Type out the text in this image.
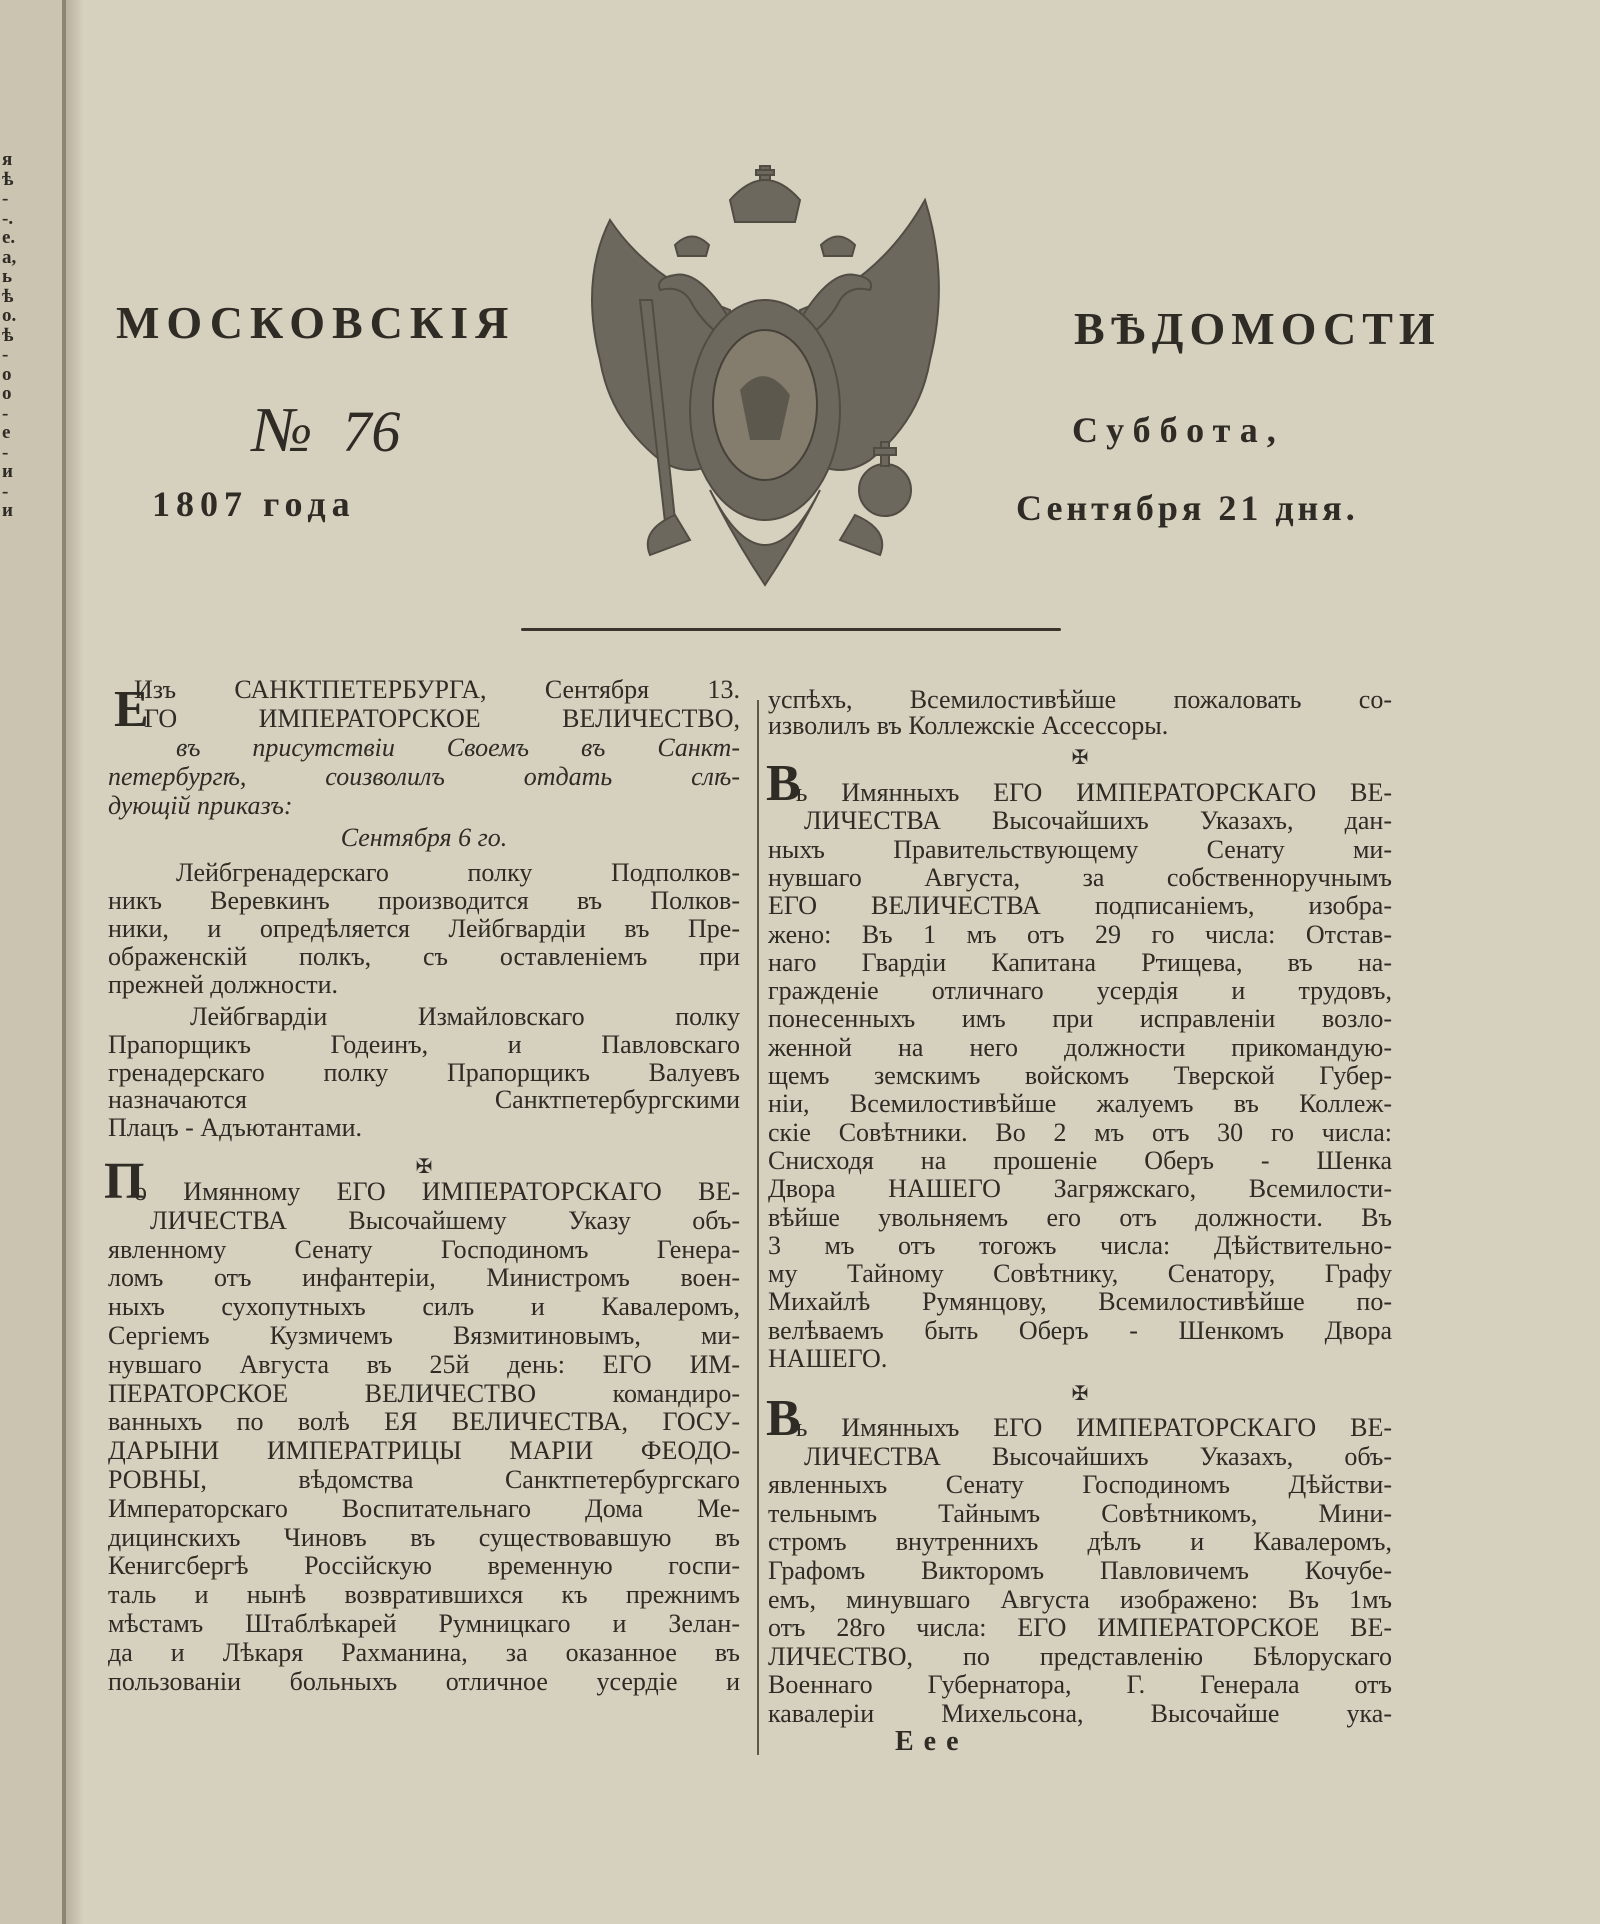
я
ѣ
-
-.
е.
а,
ь
ѣ
о.
ѣ
-
о
о
-
е
-
и
-
и
МОСКОВСКІЯ	ВѢДОМОСТИ
№ 76	Суббота,
1807 года	Сентября 21 дня.
Е
Изъ САНКТПЕТЕРБУРГА, Сентября 13.
ГО ИМПЕРАТОРСКОЕ ВЕЛИЧЕСТВО,
въ присутствіи Своемъ въ Санкт-
петербургѣ, соизволилъ отдать слѣ-
дующій приказъ:
Сентября 6 го.
Лейбгренадерскаго полку Подполков-
никъ Веревкинъ производится въ Полков-
ники, и опредѣляется Лейбгвардіи въ Пре-
ображенскій полкъ, съ оставленіемъ при
прежней должности.
Лейбгвардіи Измайловскаго полку
Прапорщикъ Годеинъ, и Павловскаго
гренадерскаго полку Прапорщикъ Валуевъ
назначаются Санктпетербургскими
Плацъ - Адъютантами.
✠
П
о Имянному ЕГО ИМПЕРАТОРСКАГО ВЕ-
ЛИЧЕСТВА Высочайшему Указу объ-
явленному Сенату Господиномъ Генера-
ломъ отъ инфантеріи, Министромъ воен-
ныхъ сухопутныхъ силъ и Кавалеромъ,
Сергіемъ Кузмичемъ Вязмитиновымъ, ми-
нувшаго Августа въ 25й день: ЕГО ИМ-
ПЕРАТОРСКОЕ ВЕЛИЧЕСТВО командиро-
ванныхъ по волѣ ЕЯ ВЕЛИЧЕСТВА, ГОСУ-
ДАРЫНИ ИМПЕРАТРИЦЫ МАРІИ ФЕОДО-
РОВНЫ, вѣдомства Санктпетербургскаго
Императорскаго Воспитательнаго Дома Ме-
дицинскихъ Чиновъ въ существовавшую въ
Кенигсбергѣ Россійскую временную госпи-
таль и нынѣ возвратившихся къ прежнимъ
мѣстамъ Штаблѣкарей Румницкаго и Зелан-
да и Лѣкаря Рахманина, за оказанное въ
пользованіи больныхъ отличное усердіе и
успѣхъ, Всемилостивѣйше пожаловать со-
изволилъ въ Коллежскіе Ассессоры.
✠
В
ъ Имянныхъ ЕГО ИМПЕРАТОРСКАГО ВЕ-
ЛИЧЕСТВА Высочайшихъ Указахъ, дан-
ныхъ Правительствующему Сенату ми-
нувшаго Августа, за собственноручнымъ
ЕГО ВЕЛИЧЕСТВА подписаніемъ, изобра-
жено: Въ 1 мъ отъ 29 го числа: Отстав-
наго Гвардіи Капитана Ртищева, въ на-
гражденіе отличнаго усердія и трудовъ,
понесенныхъ имъ при исправленіи возло-
женной на него должности прикомандую-
щемъ земскимъ войскомъ Тверской Губер-
ніи, Всемилостивѣйше жалуемъ въ Коллеж-
скіе Совѣтники. Во 2 мъ отъ 30 го числа:
Снисходя на прошеніе Оберъ - Шенка
Двора НАШЕГО Загряжскаго, Всемилости-
вѣйше увольняемъ его отъ должности. Въ
3 мъ отъ тогожъ числа: Дѣйствительно-
му Тайному Совѣтнику, Сенатору, Графу
Михайлѣ Румянцову, Всемилостивѣйше по-
велѣваемъ быть Оберъ - Шенкомъ Двора
НАШЕГО.
✠
В
ъ Имянныхъ ЕГО ИМПЕРАТОРСКАГО ВЕ-
ЛИЧЕСТВА Высочайшихъ Указахъ, объ-
явленныхъ Сенату Господиномъ Дѣйстви-
тельнымъ Тайнымъ Совѣтникомъ, Мини-
стромъ внутреннихъ дѣлъ и Кавалеромъ,
Графомъ Викторомъ Павловичемъ Кочубе-
емъ, минувшаго Августа изображено: Въ 1мъ
отъ 28го числа: ЕГО ИМПЕРАТОРСКОЕ ВЕ-
ЛИЧЕСТВО, по представленію Бѣлорускаго
Военнаго Губернатора, Г. Генерала отъ
кавалеріи Михельсона, Высочайше ука-
Еее
